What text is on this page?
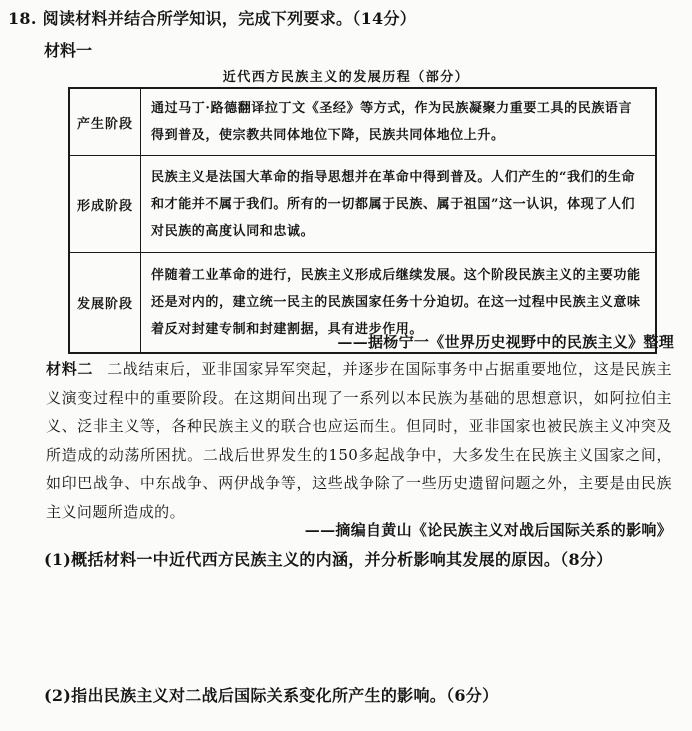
18. 阅读材料并结合所学知识，完成下列要求。（14分）
材料一
近代西方民族主义的发展历程（部分）
产生阶段	通过马丁·路德翻译拉丁文《圣经》等方式，作为民族凝聚力重要工具的民族语言得到普及，使宗教共同体地位下降，民族共同体地位上升。
形成阶段	民族主义是法国大革命的指导思想并在革命中得到普及。人们产生的“我们的生命和才能并不属于我们。所有的一切都属于民族、属于祖国”这一认识，体现了人们对民族的高度认同和忠诚。
发展阶段	伴随着工业革命的进行，民族主义形成后继续发展。这个阶段民族主义的主要功能还是对内的，建立统一民主的民族国家任务十分迫切。在这一过程中民族主义意味着反对封建专制和封建割据，具有进步作用。
——据杨宁一《世界历史视野中的民族主义》整理

材料二 二战结束后，亚非国家异军突起，并逐步在国际事务中占据重要地位，这是民族主义演变过程中的重要阶段。在这期间出现了一系列以本民族为基础的思想意识，如阿拉伯主义、泛非主义等，各种民族主义的联合也应运而生。但同时，亚非国家也被民族主义冲突及所造成的动荡所困扰。二战后世界发生的150多起战争中，大多发生在民族主义国家之间，如印巴战争、中东战争、两伊战争等，这些战争除了一些历史遗留问题之外，主要是由民族主义问题所造成的。

——摘编自黄山《论民族主义对战后国际关系的影响》
(1)概括材料一中近代西方民族主义的内涵，并分析影响其发展的原因。（8分）
(2)指出民族主义对二战后国际关系变化所产生的影响。（6分）
